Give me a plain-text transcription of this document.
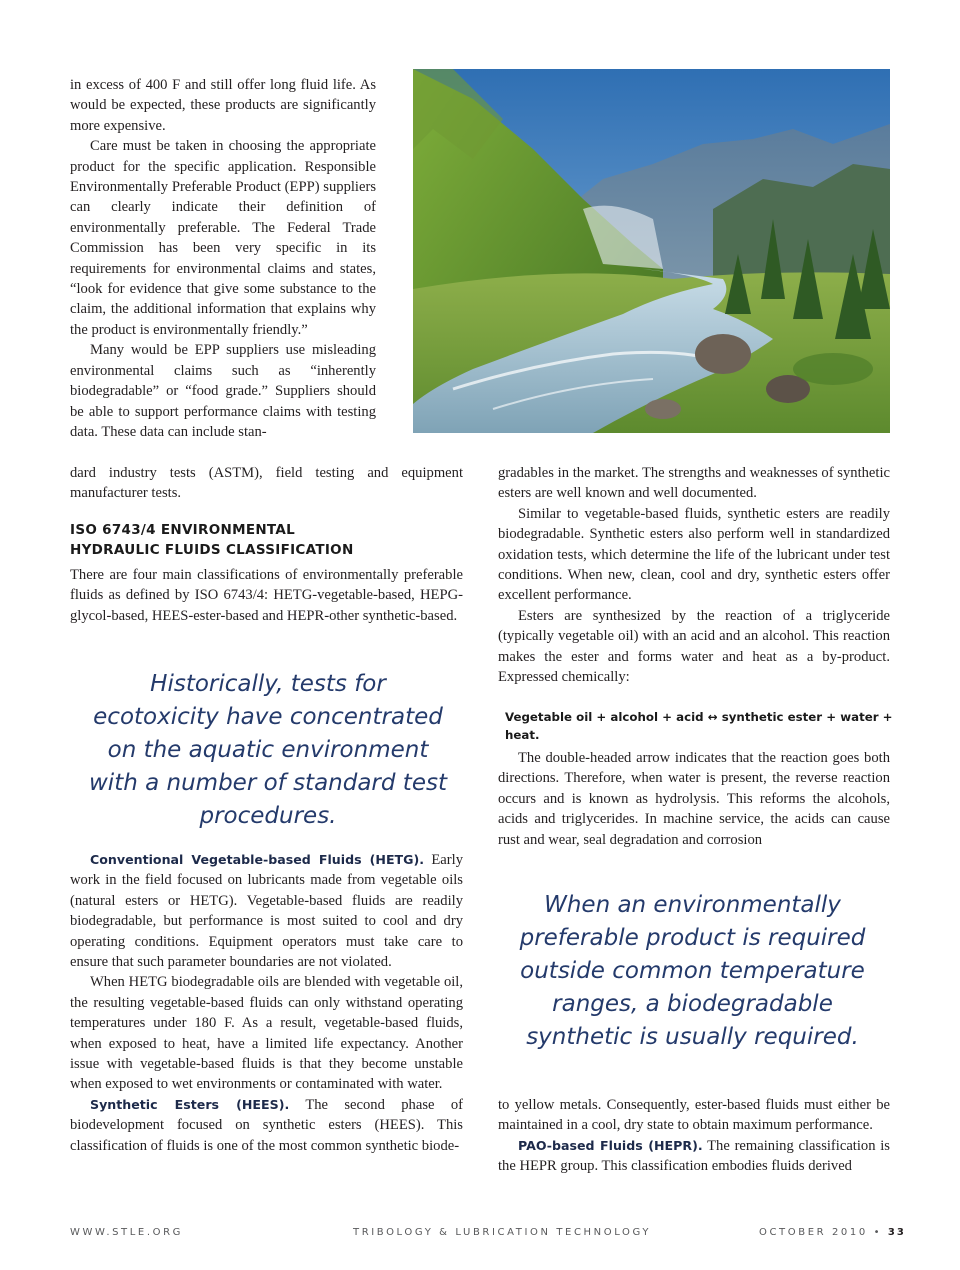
in excess of 400 F and still offer long fluid life. As would be expected, these products are significantly more expensive.

Care must be taken in choosing the appropriate product for the specific application. Responsible Environmentally Preferable Product (EPP) suppliers can clearly indicate their definition of environmentally preferable. The Federal Trade Commission has been very specific in its requirements for environmental claims and states, “look for evidence that give some substance to the claim, the additional information that explains why the product is environmentally friendly.”

Many would be EPP suppliers use misleading environmental claims such as “inherently biodegradable” or “food grade.” Suppliers should be able to support performance claims with testing data. These data can include stan-

dard industry tests (ASTM), field testing and equipment manufacturer tests.

ISO 6743/4 ENVIRONMENTAL
HYDRAULIC FLUIDS CLASSIFICATION

There are four main classifications of environmentally preferable fluids as defined by ISO 6743/4: HETG-vegetable-based, HEPG-glycol-based, HEES-ester-based and HEPR-other synthetic-based.

Historically, tests for ecotoxicity have concentrated on the aquatic environment with a number of standard test procedures.

Conventional Vegetable-based Fluids (HETG). Early work in the field focused on lubricants made from vegetable oils (natural esters or HETG). Vegetable-based fluids are readily biodegradable, but performance is most suited to cool and dry operating conditions. Equipment operators must take care to ensure that such parameter boundaries are not violated.

When HETG biodegradable oils are blended with vegetable oil, the resulting vegetable-based fluids can only withstand operating temperatures under 180 F. As a result, vegetable-based fluids, when exposed to heat, have a limited life expectancy. Another issue with vegetable-based fluids is that they become unstable when exposed to wet environments or contaminated with water.

Synthetic Esters (HEES). The second phase of biodevelopment focused on synthetic esters (HEES). This classification of fluids is one of the most common synthetic biode-

gradables in the market. The strengths and weaknesses of synthetic esters are well known and well documented.

Similar to vegetable-based fluids, synthetic esters are readily biodegradable. Synthetic esters also perform well in standardized oxidation tests, which determine the life of the lubricant under test conditions. When new, clean, cool and dry, synthetic esters offer excellent performance.

Esters are synthesized by the reaction of a triglyceride (typically vegetable oil) with an acid and an alcohol. This reaction makes the ester and forms water and heat as a by-product. Expressed chemically:

Vegetable oil + alcohol + acid ↔ synthetic ester + water + heat.

The double-headed arrow indicates that the reaction goes both directions. Therefore, when water is present, the reverse reaction occurs and is known as hydrolysis. This reforms the alcohols, acids and triglycerides. In machine service, the acids can cause rust and wear, seal degradation and corrosion

When an environmentally preferable product is required outside common temperature ranges, a biodegradable synthetic is usually required.

to yellow metals. Consequently, ester-based fluids must either be maintained in a cool, dry state to obtain maximum performance.

PAO-based Fluids (HEPR). The remaining classification is the HEPR group. This classification embodies fluids derived

WWW.STLE.ORG	TRIBOLOGY & LUBRICATION TECHNOLOGY	OCTOBER 2010 • 33
